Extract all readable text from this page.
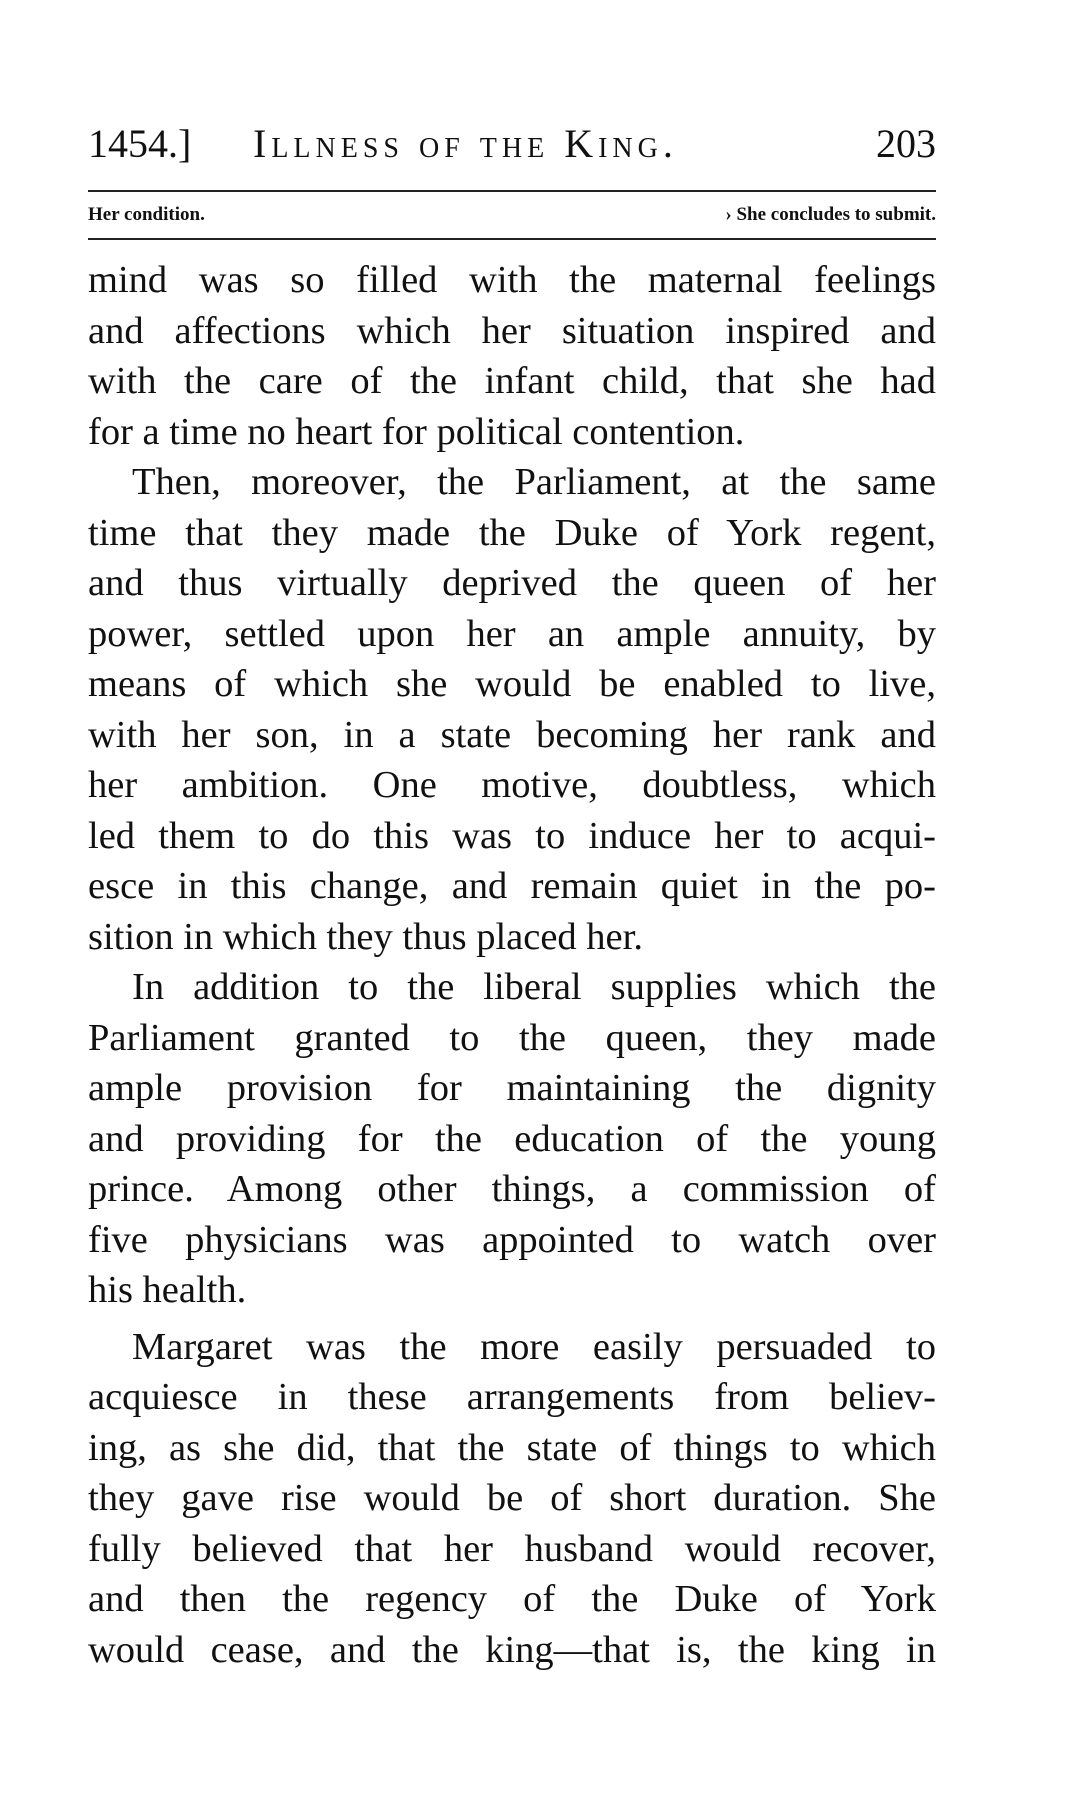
1454.] Illness of the King.	203
Her condition.	› She concludes to submit.
mind was so filled with the maternal feelings
and affections which her situation inspired and
with the care of the infant child, that she had
for a time no heart for political contention.
Then, moreover, the Parliament, at the same
time that they made the Duke of York regent,
and thus virtually deprived the queen of her
power, settled upon her an ample annuity, by
means of which she would be enabled to live,
with her son, in a state becoming her rank and
her ambition. One motive, doubtless, which
led them to do this was to induce her to acqui-
esce in this change, and remain quiet in the po-
sition in which they thus placed her.
In addition to the liberal supplies which the
Parliament granted to the queen, they made
ample provision for maintaining the dignity
and providing for the education of the young
prince. Among other things, a commission of
five physicians was appointed to watch over
his health.
Margaret was the more easily persuaded to
acquiesce in these arrangements from believ-
ing, as she did, that the state of things to which
they gave rise would be of short duration. She
fully believed that her husband would recover,
and then the regency of the Duke of York
would cease, and the king—that is, the king in
